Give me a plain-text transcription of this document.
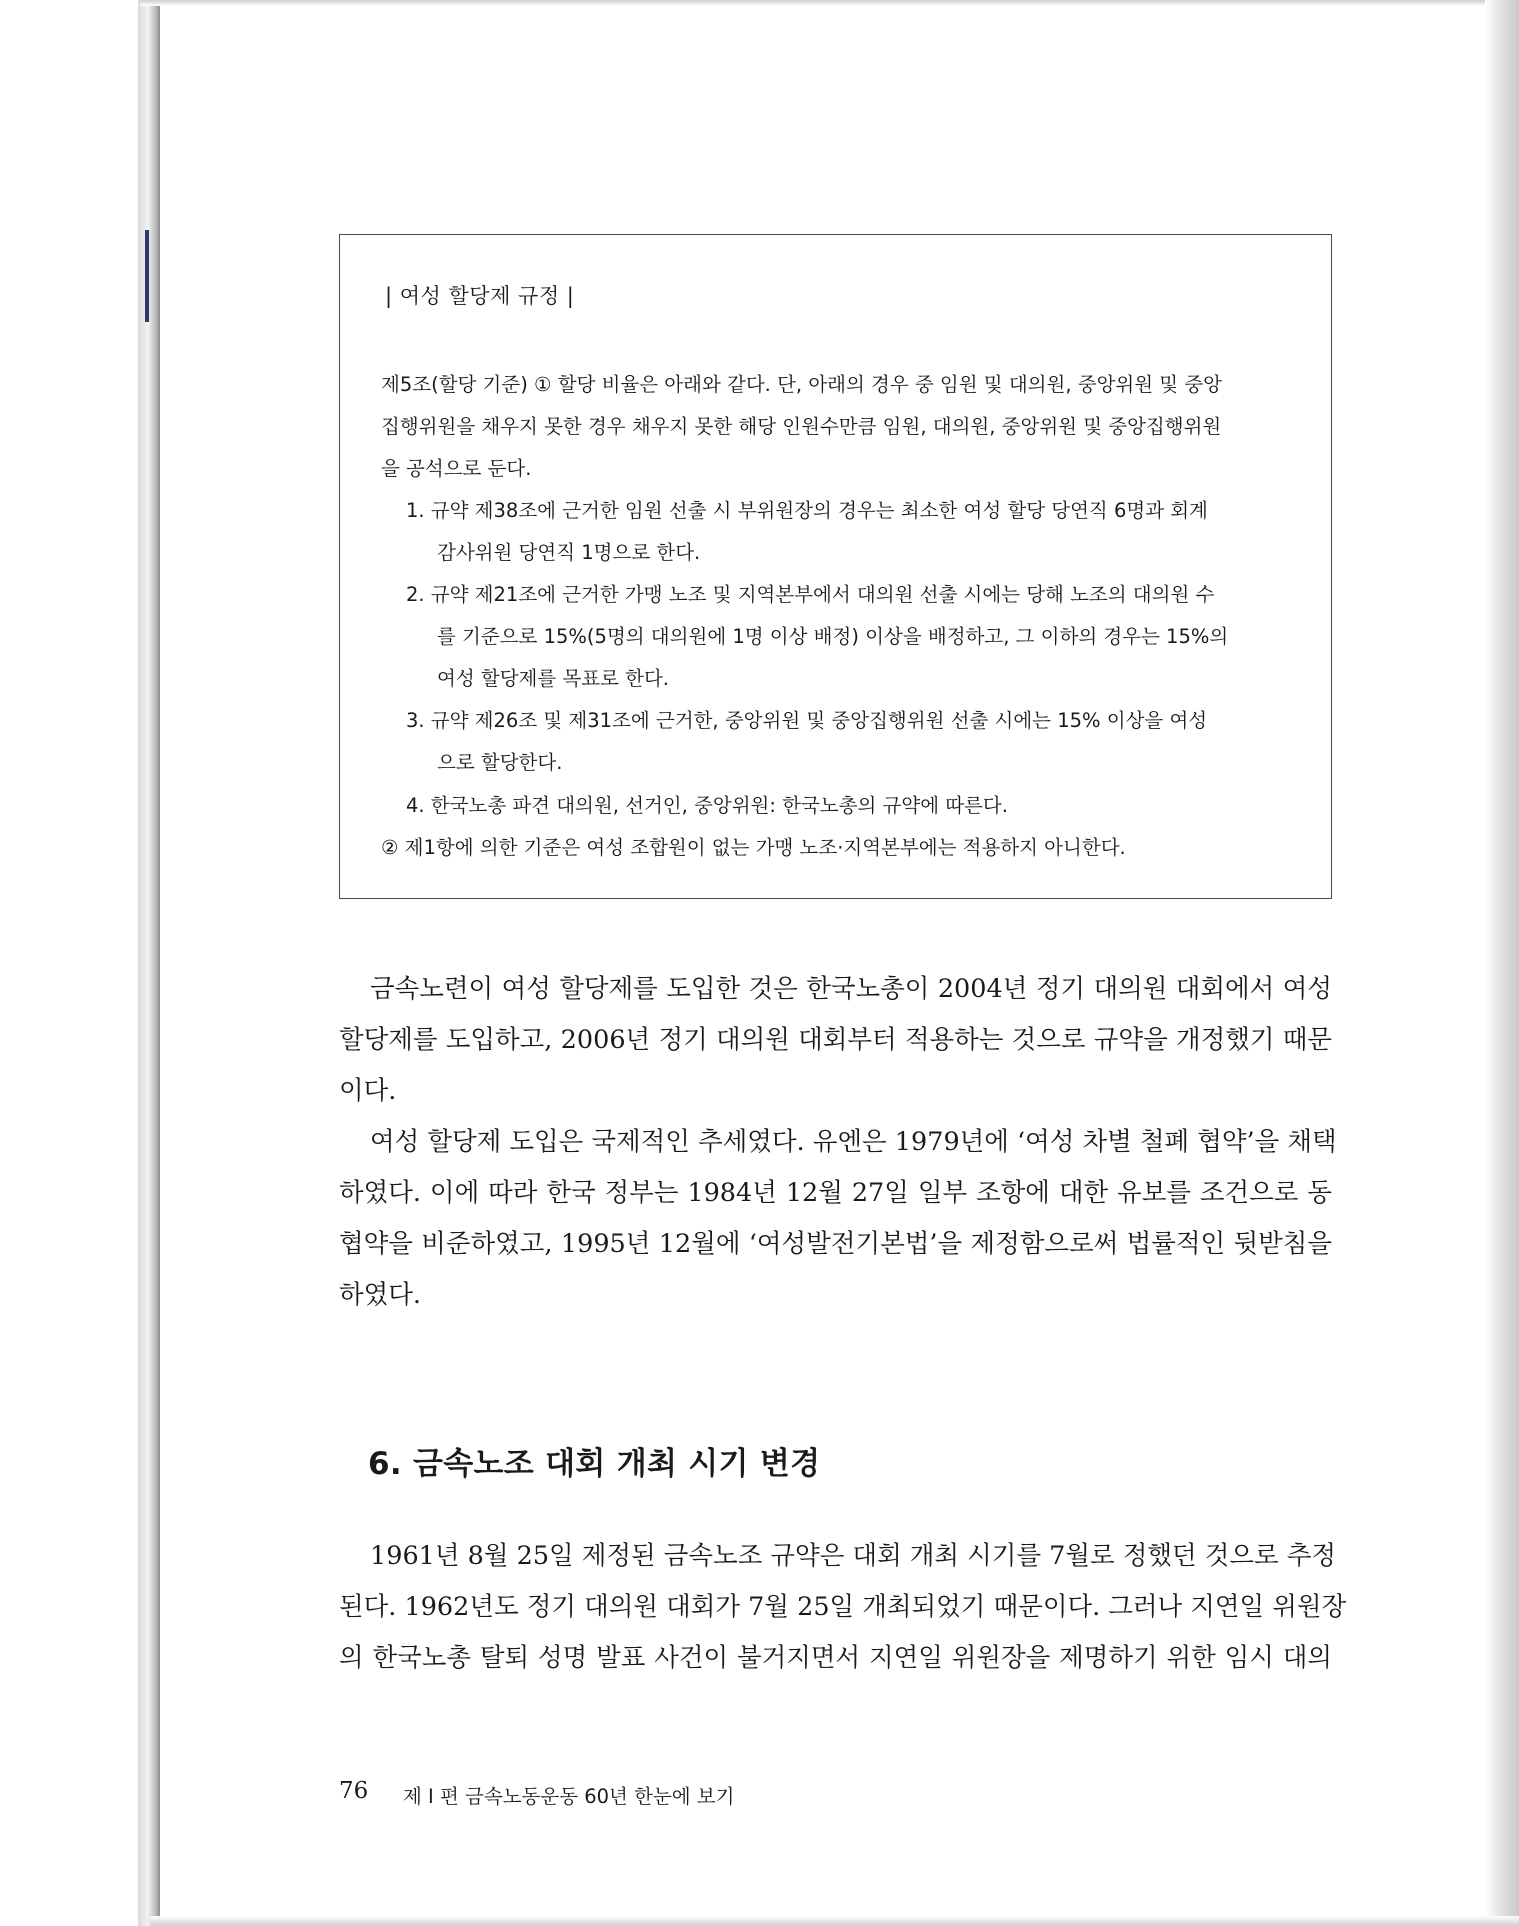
| 여성 할당제 규정 |
제5조(할당 기준) ① 할당 비율은 아래와 같다. 단, 아래의 경우 중 임원 및 대의원, 중앙위원 및 중앙
집행위원을 채우지 못한 경우 채우지 못한 해당 인원수만큼 임원, 대의원, 중앙위원 및 중앙집행위원
을 공석으로 둔다.
1. 규약 제38조에 근거한 임원 선출 시 부위원장의 경우는 최소한 여성 할당 당연직 6명과 회계
감사위원 당연직 1명으로 한다.
2. 규약 제21조에 근거한 가맹 노조 및 지역본부에서 대의원 선출 시에는 당해 노조의 대의원 수
를 기준으로 15%(5명의 대의원에 1명 이상 배정) 이상을 배정하고, 그 이하의 경우는 15%의
여성 할당제를 목표로 한다.
3. 규약 제26조 및 제31조에 근거한, 중앙위원 및 중앙집행위원 선출 시에는 15% 이상을 여성
으로 할당한다.
4. 한국노총 파견 대의원, 선거인, 중앙위원: 한국노총의 규약에 따른다.
② 제1항에 의한 기준은 여성 조합원이 없는 가맹 노조·지역본부에는 적용하지 아니한다.
금속노련이 여성 할당제를 도입한 것은 한국노총이 2004년 정기 대의원 대회에서 여성
할당제를 도입하고, 2006년 정기 대의원 대회부터 적용하는 것으로 규약을 개정했기 때문
이다.
여성 할당제 도입은 국제적인 추세였다. 유엔은 1979년에 ‘여성 차별 철폐 협약’을 채택
하였다. 이에 따라 한국 정부는 1984년 12월 27일 일부 조항에 대한 유보를 조건으로 동
협약을 비준하였고, 1995년 12월에 ‘여성발전기본법’을 제정함으로써 법률적인 뒷받침을
하였다.
6. 금속노조 대회 개최 시기 변경
1961년 8월 25일 제정된 금속노조 규약은 대회 개최 시기를 7월로 정했던 것으로 추정
된다. 1962년도 정기 대의원 대회가 7월 25일 개최되었기 때문이다. 그러나 지연일 위원장
의 한국노총 탈퇴 성명 발표 사건이 불거지면서 지연일 위원장을 제명하기 위한 임시 대의
76 제 I 편 금속노동운동 60년 한눈에 보기
